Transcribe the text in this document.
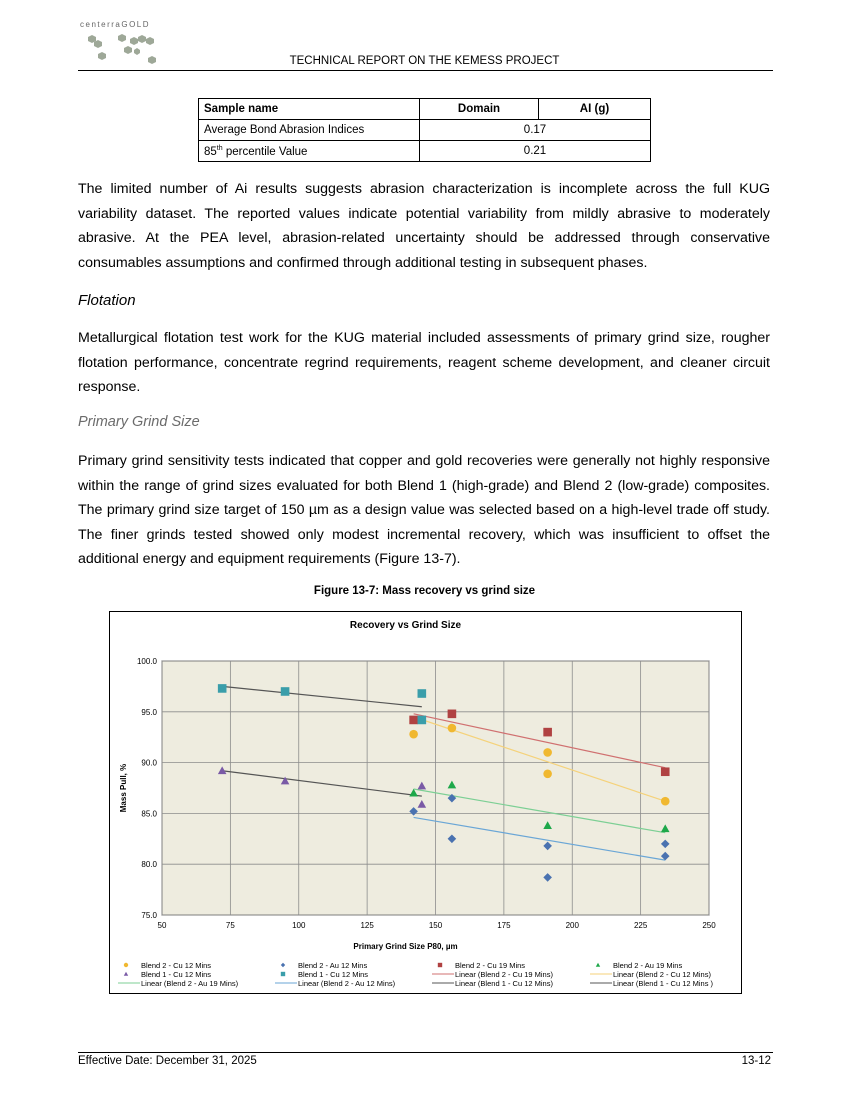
centerraGOLD
TECHNICAL REPORT ON THE KEMESS PROJECT
Sample name	Domain	AI (g)
Average Bond Abrasion Indices	0.17	
85th percentile Value	0.21	
The limited number of Ai results suggests abrasion characterization is incomplete across the full KUG variability dataset. The reported values indicate potential variability from mildly abrasive to moderately abrasive. At the PEA level, abrasion-related uncertainty should be addressed through conservative consumables assumptions and confirmed through additional testing in subsequent phases.
Flotation
Metallurgical flotation test work for the KUG material included assessments of primary grind size, rougher flotation performance, concentrate regrind requirements, reagent scheme development, and cleaner circuit response.
Primary Grind Size
Primary grind sensitivity tests indicated that copper and gold recoveries were generally not highly responsive within the range of grind sizes evaluated for both Blend 1 (high-grade) and Blend 2 (low-grade) composites. The primary grind size target of 150 µm as a design value was selected based on a high-level trade off study. The finer grinds tested showed only modest incremental recovery, which was insufficient to offset the additional energy and equipment requirements (Figure 13-7).
Figure 13-7: Mass recovery vs grind size
50	75	100	125	150	175	200	225	250
75.0
80.0
85.0
90.0
95.0
100.0
Recovery vs Grind Size
Primary Grind Size P80, µm
Mass Pull, %
Blend 2 - Cu 12 Mins	Blend 2 - Au 12 Mins	Blend 2 - Cu 19 Mins	Blend 2 - Au 19 Mins
Blend 1 - Cu 12 Mins	Blend 1 - Cu 12 Mins	Linear (Blend 2 - Cu 19 Mins)	Linear (Blend 2 - Cu 12 Mins)
Linear (Blend 2 - Au 19 Mins)	Linear (Blend 2 - Au 12 Mins)	Linear (Blend 1 - Cu 12 Mins)	Linear (Blend 1 - Cu 12 Mins )
Effective Date: December 31, 2025	13-12
